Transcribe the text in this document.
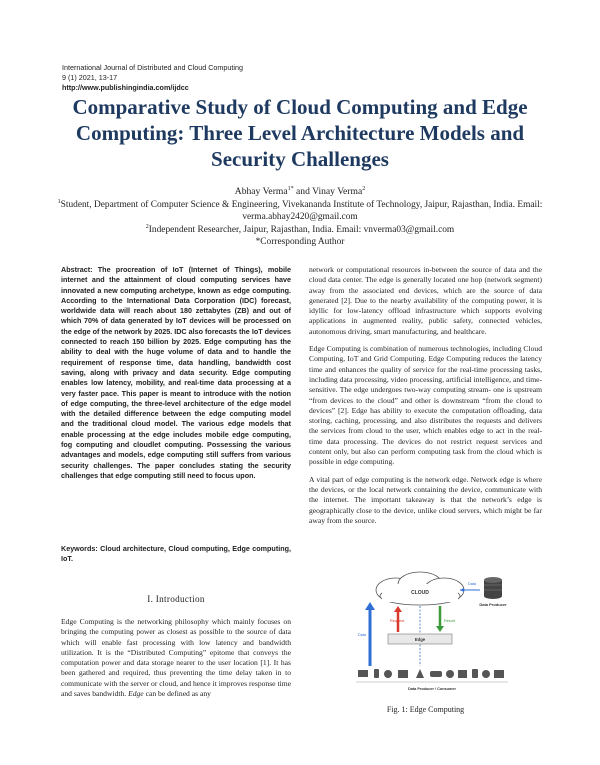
International Journal of Distributed and Cloud Computing
9 (1) 2021, 13-17
http://www.publishingindia.com/ijdcc
Comparative Study of Cloud Computing and Edge Computing: Three Level Architecture Models and Security Challenges
Abhay Verma$^{1*}$ and Vinay Verma$^2$
$^1$Student, Department of Computer Science & Engineering, Vivekananda Institute of Technology, Jaipur, Rajasthan, India. Email: verma.abhay2420@gmail.com
$^2$Independent Researcher, Jaipur, Rajasthan, India. Email: vnverma03@gmail.com
*Corresponding Author
Abstract: The procreation of IoT (Internet of Things), mobile internet and the attainment of cloud computing services have innovated a new computing archetype, known as edge computing. According to the International Data Corporation (IDC) forecast, worldwide data will reach about 180 zettabytes (ZB) and out of which 70% of data generated by IoT devices will be processed on the edge of the network by 2025. IDC also forecasts the IoT devices connected to reach 150 billion by 2025. Edge computing has the ability to deal with the huge volume of data and to handle the requirement of response time, data handling, bandwidth cost saving, along with privacy and data security. Edge computing enables low latency, mobility, and real-time data processing at a very faster pace. This paper is meant to introduce with the notion of edge computing, the three-level architecture of the edge model with the detailed difference between the edge computing model and the traditional cloud model. The various edge models that enable processing at the edge includes mobile edge computing, fog computing and cloudlet computing. Possessing the various advantages and models, edge computing still suffers from various security challenges. The paper concludes stating the security challenges that edge computing still need to focus upon.
Keywords: Cloud architecture, Cloud computing, Edge computing, IoT.
I. Introduction
Edge Computing is the networking philosophy which mainly focuses on bringing the computing power as closest as possible to the source of data which will enable fast processing with low latency and bandwidth utilization. It is the “Distributed Computing” epitome that conveys the computation power and data storage nearer to the user location [1]. It has been gathered and required, thus preventing the time delay taken in to communicate with the server or cloud, and hence it improves response time and saves bandwidth. Edge can be defined as any

network or computational resources in-between the source of data and the cloud data center. The edge is generally located one hop (network segment) away from the associated end devices, which are the source of data generated [2]. Due to the nearby availability of the computing power, it is idyllic for low-latency offload infrastructure which supports evolving applications in augmented reality, public safety, connected vehicles, autonomous driving, smart manufacturing, and healthcare.

Edge Computing is combination of numerous technologies, including Cloud Computing, IoT and Grid Computing. Edge Computing reduces the latency time and enhances the quality of service for the real-time processing tasks, including data processing, video processing, artificial intelligence, and time-sensitive. The edge undergoes two-way computing stream- one is upstream “from devices to the cloud” and other is downstream “from the cloud to devices” [2]. Edge has ability to execute the computation offloading, data storing, caching, processing, and also distributes the requests and delivers the services from cloud to the user, which enables edge to act in the real-time data processing. The devices do not restrict request services and content only, but also can perform computing task from the cloud which is possible in edge computing.

A vital part of edge computing is the network edge. Network edge is where the devices, or the local network containing the device, communicate with the internet. The important takeaway is that the network’s edge is geographically close to the device, unlike cloud servers, which might be far away from the source.

CLOUD
Data Producer
Data
Data
Request	Result
Edge
Data Producer / Consumer
Fig. 1: Edge Computing
